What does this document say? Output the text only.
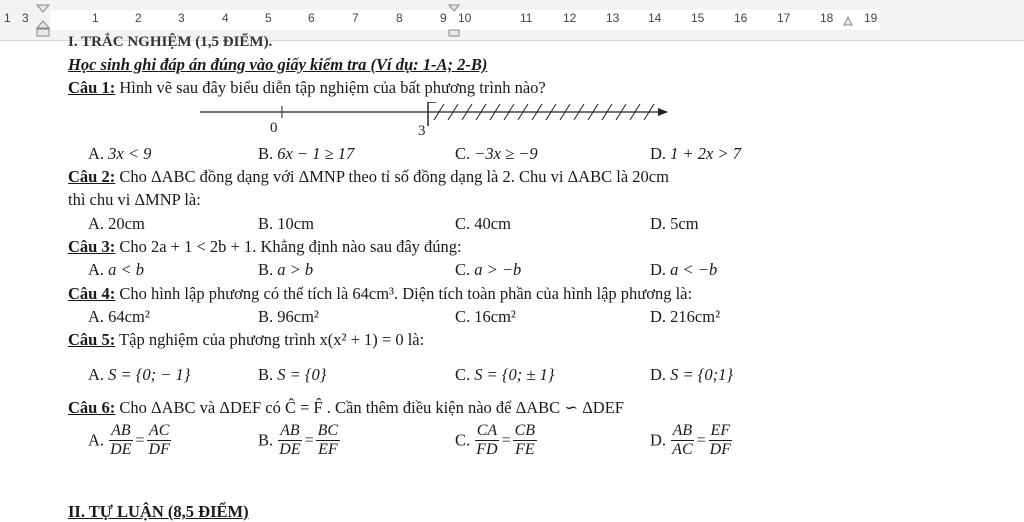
1 3	1	2	3	4	5	6	7	8	9 10	11	12 13 14 15 16 17 18	19
I. TRẮC NGHIỆM (1,5 ĐIỂM).
Học sinh ghi đáp án đúng vào giấy kiểm tra (Ví dụ: 1-A; 2-B)
Câu 1: Hình vẽ sau đây biểu diễn tập nghiệm của bất phương trình nào?
0	3
A. 3x < 9	B. 6x − 1 ≥ 17	C. −3x ≥ −9	D. 1 + 2x > 7
Câu 2: Cho ΔABC đồng dạng với ΔMNP theo tỉ số đồng dạng là 2. Chu vi ΔABC là 20cm
thì chu vi ΔMNP là:
A. 20cm	B. 10cm	C. 40cm	D. 5cm
Câu 3: Cho 2a + 1 < 2b + 1. Khẳng định nào sau đây đúng:
A. a < b	B. a > b	C. a > −b	D. a < −b
Câu 4: Cho hình lập phương có thể tích là 64cm³. Diện tích toàn phần của hình lập phương là:
A. 64cm²	B. 96cm²	C. 16cm²	D. 216cm²
Câu 5: Tập nghiệm của phương trình x(x² + 1) = 0 là:
A. S = {0; − 1}	B. S = {0}	C. S = {0; ± 1}	D. S = {0;1}
Câu 6: Cho ΔABC và ΔDEF có Ĉ = F̂ . Cần thêm điều kiện nào để ΔABC ∽ ΔDEF
A. $\frac{AB}{DE} = \frac{AC}{DF}$	B. $\frac{AB}{DE} = \frac{BC}{EF}$	C. $\frac{CA}{FD} = \frac{CB}{FE}$	D. $\frac{AB}{AC} = \frac{EF}{DF}$
II. TỰ LUẬN (8,5 ĐIỂM)
